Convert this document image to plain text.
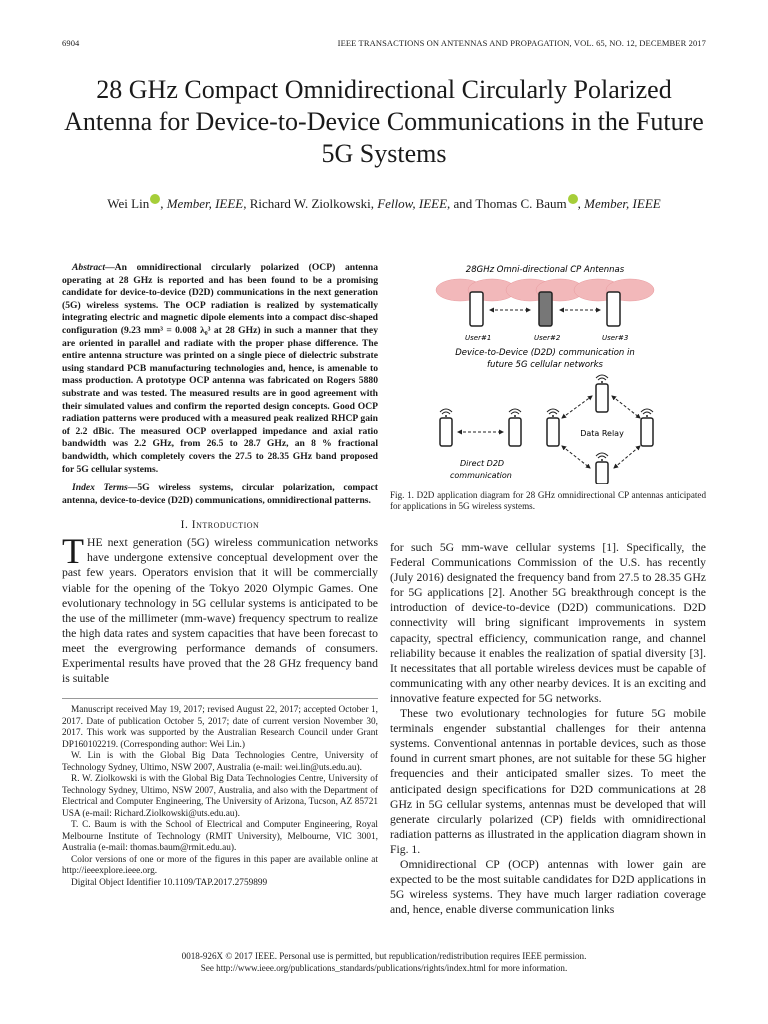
6904	IEEE TRANSACTIONS ON ANTENNAS AND PROPAGATION, VOL. 65, NO. 12, DECEMBER 2017
28 GHz Compact Omnidirectional Circularly Polarized Antenna for Device-to-Device Communications in the Future 5G Systems
Wei Lin , Member, IEEE, Richard W. Ziolkowski, Fellow, IEEE, and Thomas C. Baum , Member, IEEE

Abstract—An omnidirectional circularly polarized (OCP) antenna operating at 28 GHz is reported and has been found to be a promising candidate for device-to-device (D2D) communications in the next generation (5G) wireless systems. The OCP radiation is realized by systematically integrating electric and magnetic dipole elements into a compact disc-shaped configuration (9.23 mm³ = 0.008 λ₀³ at 28 GHz) in such a manner that they are oriented in parallel and radiate with the proper phase difference. The entire antenna structure was printed on a single piece of dielectric substrate using standard PCB manufacturing technologies and, hence, is amenable to mass production. A prototype OCP antenna was fabricated on Rogers 5880 substrate and was tested. The measured results are in good agreement with their simulated values and confirm the reported design concepts. Good OCP radiation patterns were produced with a measured peak realized RHCP gain of 2.2 dBic. The measured OCP overlapped impedance and axial ratio bandwidth was 2.2 GHz, from 26.5 to 28.7 GHz, an 8 % fractional bandwidth, which completely covers the 27.5 to 28.35 GHz band proposed for 5G cellular systems.

Index Terms—5G wireless systems, circular polarization, compact antenna, device-to-device (D2D) communications, omnidirectional patterns.

I. Introduction

THE next generation (5G) wireless communication networks have undergone extensive conceptual development over the past few years. Operators envision that it will be commercially viable for the opening of the Tokyo 2020 Olympic Games. One evolutionary technology in 5G cellular systems is anticipated to be the use of the millimeter (mm-wave) frequency spectrum to realize the high data rates and system capacities that have been forecast to meet the evergrowing performance demands of consumers. Experimental results have proved that the 28 GHz frequency band is suitable

Manuscript received May 19, 2017; revised August 22, 2017; accepted October 1, 2017. Date of publication October 5, 2017; date of current version November 30, 2017. This work was supported by the Australian Research Council under Grant DP160102219. (Corresponding author: Wei Lin.)

W. Lin is with the Global Big Data Technologies Centre, University of Technology Sydney, Ultimo, NSW 2007, Australia (e-mail: wei.lin@uts.edu.au).

R. W. Ziolkowski is with the Global Big Data Technologies Centre, University of Technology Sydney, Ultimo, NSW 2007, Australia, and also with the Department of Electrical and Computer Engineering, The University of Arizona, Tucson, AZ 85721 USA (e-mail: Richard.Ziolkowski@uts.edu.au).

T. C. Baum is with the School of Electrical and Computer Engineering, Royal Melbourne Institute of Technology (RMIT University), Melbourne, VIC 3001, Australia (e-mail: thomas.baum@rmit.edu.au).

Color versions of one or more of the figures in this paper are available online at http://ieeexplore.ieee.org.

Digital Object Identifier 10.1109/TAP.2017.2759899

28GHz Omni-directional CP Antennas
User#1	User#2	User#3
Device-to-Device (D2D) communication in
future 5G cellular networks
Data Relay
Direct D2D
communication

Fig. 1. D2D application diagram for 28 GHz omnidirectional CP antennas anticipated for applications in 5G wireless systems.

for such 5G mm-wave cellular systems [1]. Specifically, the Federal Communications Commission of the U.S. has recently (July 2016) designated the frequency band from 27.5 to 28.35 GHz for 5G applications [2]. Another 5G breakthrough concept is the introduction of device-to-device (D2D) communications. D2D connectivity will bring significant improvements in system capacity, spectral efficiency, communication range, and channel reliability because it enables the realization of spatial diversity [3]. It necessitates that all portable wireless devices must be capable of communicating with any other nearby devices. It is an exciting and innovative feature expected for 5G networks.

These two evolutionary technologies for future 5G mobile terminals engender substantial challenges for their antenna systems. Conventional antennas in portable devices, such as those found in current smart phones, are not suitable for these 5G higher frequencies and their anticipated smaller sizes. To meet the anticipated design specifications for D2D communications at 28 GHz in 5G cellular systems, antennas must be developed that will generate circularly polarized (CP) fields with omnidirectional radiation patterns as illustrated in the application diagram shown in Fig. 1.

Omnidirectional CP (OCP) antennas with lower gain are expected to be the most suitable candidates for D2D applications in 5G wireless systems. They have much larger radiation coverage and, hence, enable diverse communication links

0018-926X © 2017 IEEE. Personal use is permitted, but republication/redistribution requires IEEE permission.
See http://www.ieee.org/publications_standards/publications/rights/index.html for more information.
